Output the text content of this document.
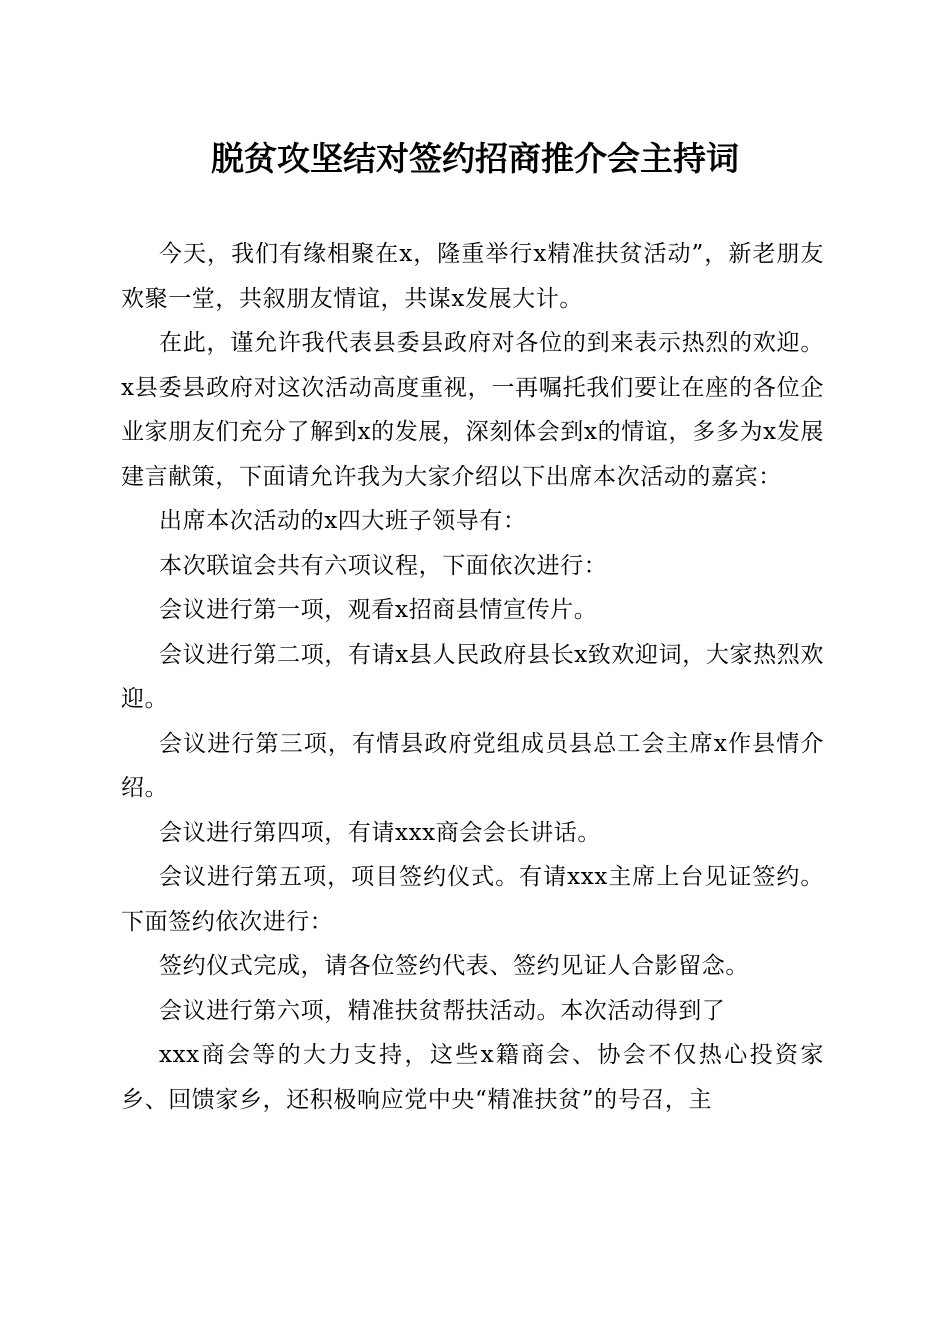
脱贫攻坚结对签约招商推介会主持词

今天，我们有缘相聚在x，隆重举行x精准扶贫活动”，新老朋友欢聚一堂，共叙朋友情谊，共谋x发展大计。

在此，谨允许我代表县委县政府对各位的到来表示热烈的欢迎。x县委县政府对这次活动高度重视，一再嘱托我们要让在座的各位企业家朋友们充分了解到x的发展，深刻体会到x的情谊，多多为x发展建言献策，下面请允许我为大家介绍以下出席本次活动的嘉宾：

出席本次活动的x四大班子领导有：

本次联谊会共有六项议程，下面依次进行：

会议进行第一项，观看x招商县情宣传片。

会议进行第二项，有请x县人民政府县长x致欢迎词，大家热烈欢迎。

会议进行第三项，有情县政府党组成员县总工会主席x作县情介绍。

会议进行第四项，有请xxx商会会长讲话。

会议进行第五项，项目签约仪式。有请xxx主席上台见证签约。下面签约依次进行：

签约仪式完成，请各位签约代表、签约见证人合影留念。

会议进行第六项，精准扶贫帮扶活动。本次活动得到了

xxx商会等的大力支持，这些x籍商会、协会不仅热心投资家乡、回馈家乡，还积极响应党中央“精准扶贫”的号召，主
